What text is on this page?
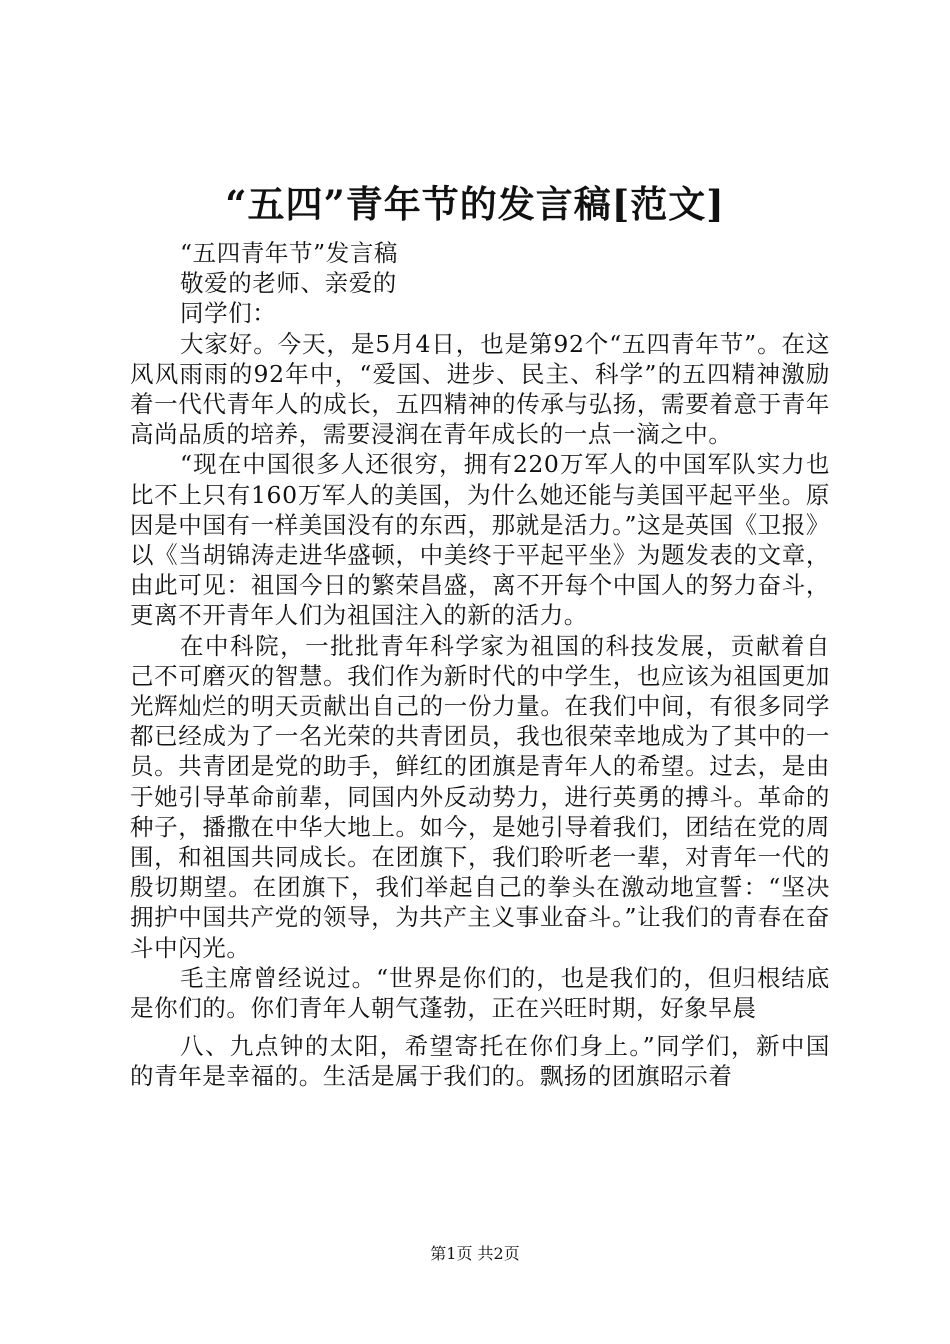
“五四”青年节的发言稿[范文]

“五四青年节”发言稿

敬爱的老师、亲爱的

同学们：

大家好。今天，是5月4日，也是第92个“五四青年节”。在这风风雨雨的92年中，“爱国、进步、民主、科学”的五四精神激励着一代代青年人的成长，五四精神的传承与弘扬，需要着意于青年高尚品质的培养，需要浸润在青年成长的一点一滴之中。

“现在中国很多人还很穷，拥有220万军人的中国军队实力也比不上只有160万军人的美国，为什么她还能与美国平起平坐。原因是中国有一样美国没有的东西，那就是活力。”这是英国《卫报》以《当胡锦涛走进华盛顿，中美终于平起平坐》为题发表的文章，由此可见：祖国今日的繁荣昌盛，离不开每个中国人的努力奋斗，更离不开青年人们为祖国注入的新的活力。

在中科院，一批批青年科学家为祖国的科技发展，贡献着自己不可磨灭的智慧。我们作为新时代的中学生，也应该为祖国更加光辉灿烂的明天贡献出自己的一份力量。在我们中间，有很多同学都已经成为了一名光荣的共青团员，我也很荣幸地成为了其中的一员。共青团是党的助手，鲜红的团旗是青年人的希望。过去，是由于她引导革命前辈，同国内外反动势力，进行英勇的搏斗。革命的种子，播撒在中华大地上。如今，是她引导着我们，团结在党的周围，和祖国共同成长。在团旗下，我们聆听老一辈，对青年一代的殷切期望。在团旗下，我们举起自己的拳头在激动地宣誓：“坚决拥护中国共产党的领导，为共产主义事业奋斗。”让我们的青春在奋斗中闪光。

毛主席曾经说过。“世界是你们的，也是我们的，但归根结底是你们的。你们青年人朝气蓬勃，正在兴旺时期，好象早晨

八、九点钟的太阳，希望寄托在你们身上。”同学们，新中国的青年是幸福的。生活是属于我们的。飘扬的团旗昭示着

第1页 共2页
